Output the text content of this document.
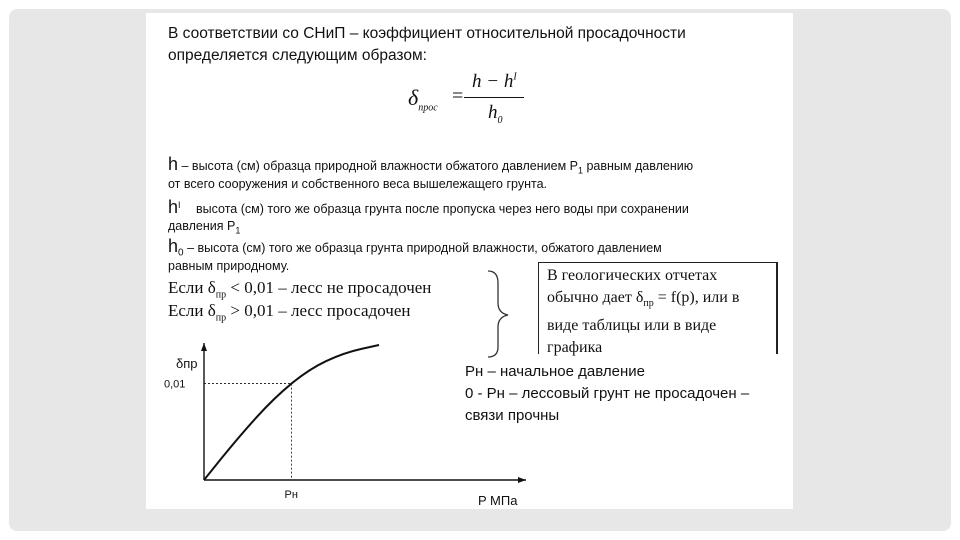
В соответствии со СНиП – коэффициент относительной просадочности
определяется следующим образом:
$\delta_{прос}$
=
$h - h^I$
$h_0$
h – высота (см) образца природной влажности обжатого давлением $P_1$ равным давлению
от всего сооружения и собственного веса вышележащего грунта.
$h^I$ высота (см) того же образца грунта после пропуска через него воды при сохранении
давления $P_1$
$h_0$ – высота (см) того же образца грунта природной влажности, обжатого давлением
равным природному.
Если $\delta_{пр} < 0,01$ – лесс не просадочен
Если $\delta_{пр} > 0,01$ – лесс просадочен
В геологических отчетах
обычно дает $\delta_{пр} = f(p)$, или в
виде таблицы или в виде
графика
Pн – начальное давление
0 - Pн – лессовый грунт не просадочен –
связи прочны
δпр
P МПа
0,01
Pн
